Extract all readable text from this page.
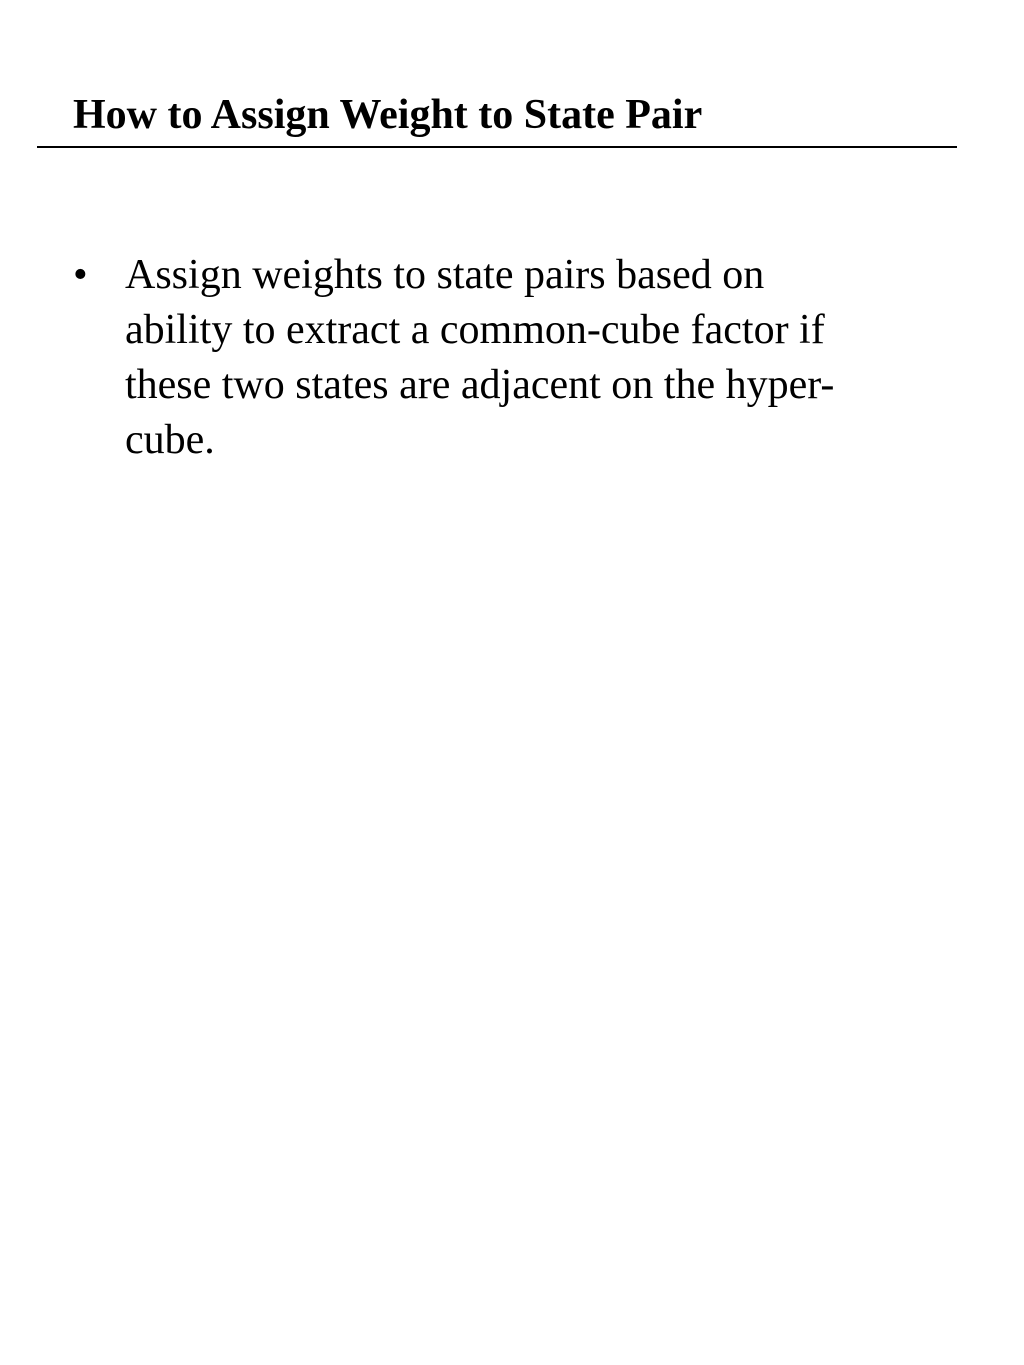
How to Assign Weight to State Pair
• Assign weights to state pairs based on
ability to extract a common-cube factor if
these two states are adjacent on the hyper-
cube.
